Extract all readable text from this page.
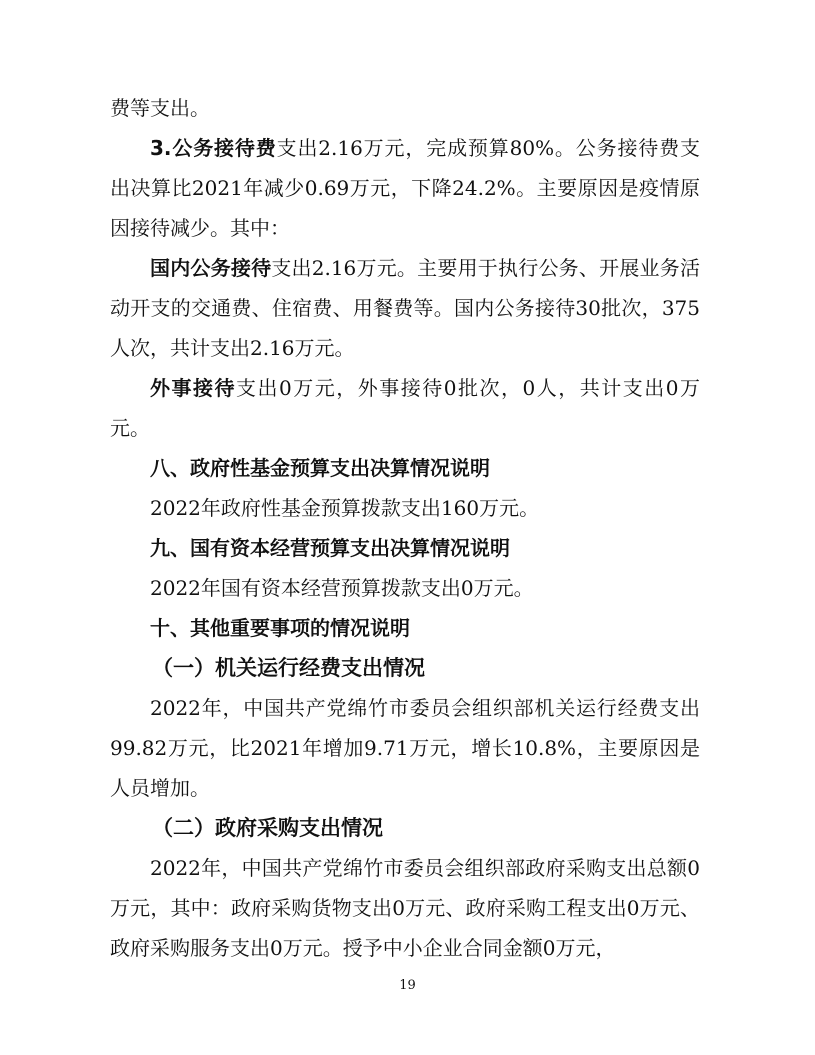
费等支出。

3.公务接待费支出2.16万元，完成预算80%。公务接待费支出决算比2021年减少0.69万元，下降24.2%。主要原因是疫情原因接待减少。其中：

国内公务接待支出2.16万元。主要用于执行公务、开展业务活动开支的交通费、住宿费、用餐费等。国内公务接待30批次，375人次，共计支出2.16万元。

外事接待支出0万元，外事接待0批次，0人，共计支出0万元。

八、政府性基金预算支出决算情况说明

2022年政府性基金预算拨款支出160万元。

九、国有资本经营预算支出决算情况说明

2022年国有资本经营预算拨款支出0万元。

十、其他重要事项的情况说明

（一）机关运行经费支出情况

2022年，中国共产党绵竹市委员会组织部机关运行经费支出99.82万元，比2021年增加9.71万元，增长10.8%，主要原因是人员增加。

（二）政府采购支出情况

2022年，中国共产党绵竹市委员会组织部政府采购支出总额0万元，其中：政府采购货物支出0万元、政府采购工程支出0万元、政府采购服务支出0万元。授予中小企业合同金额0万元，

19
